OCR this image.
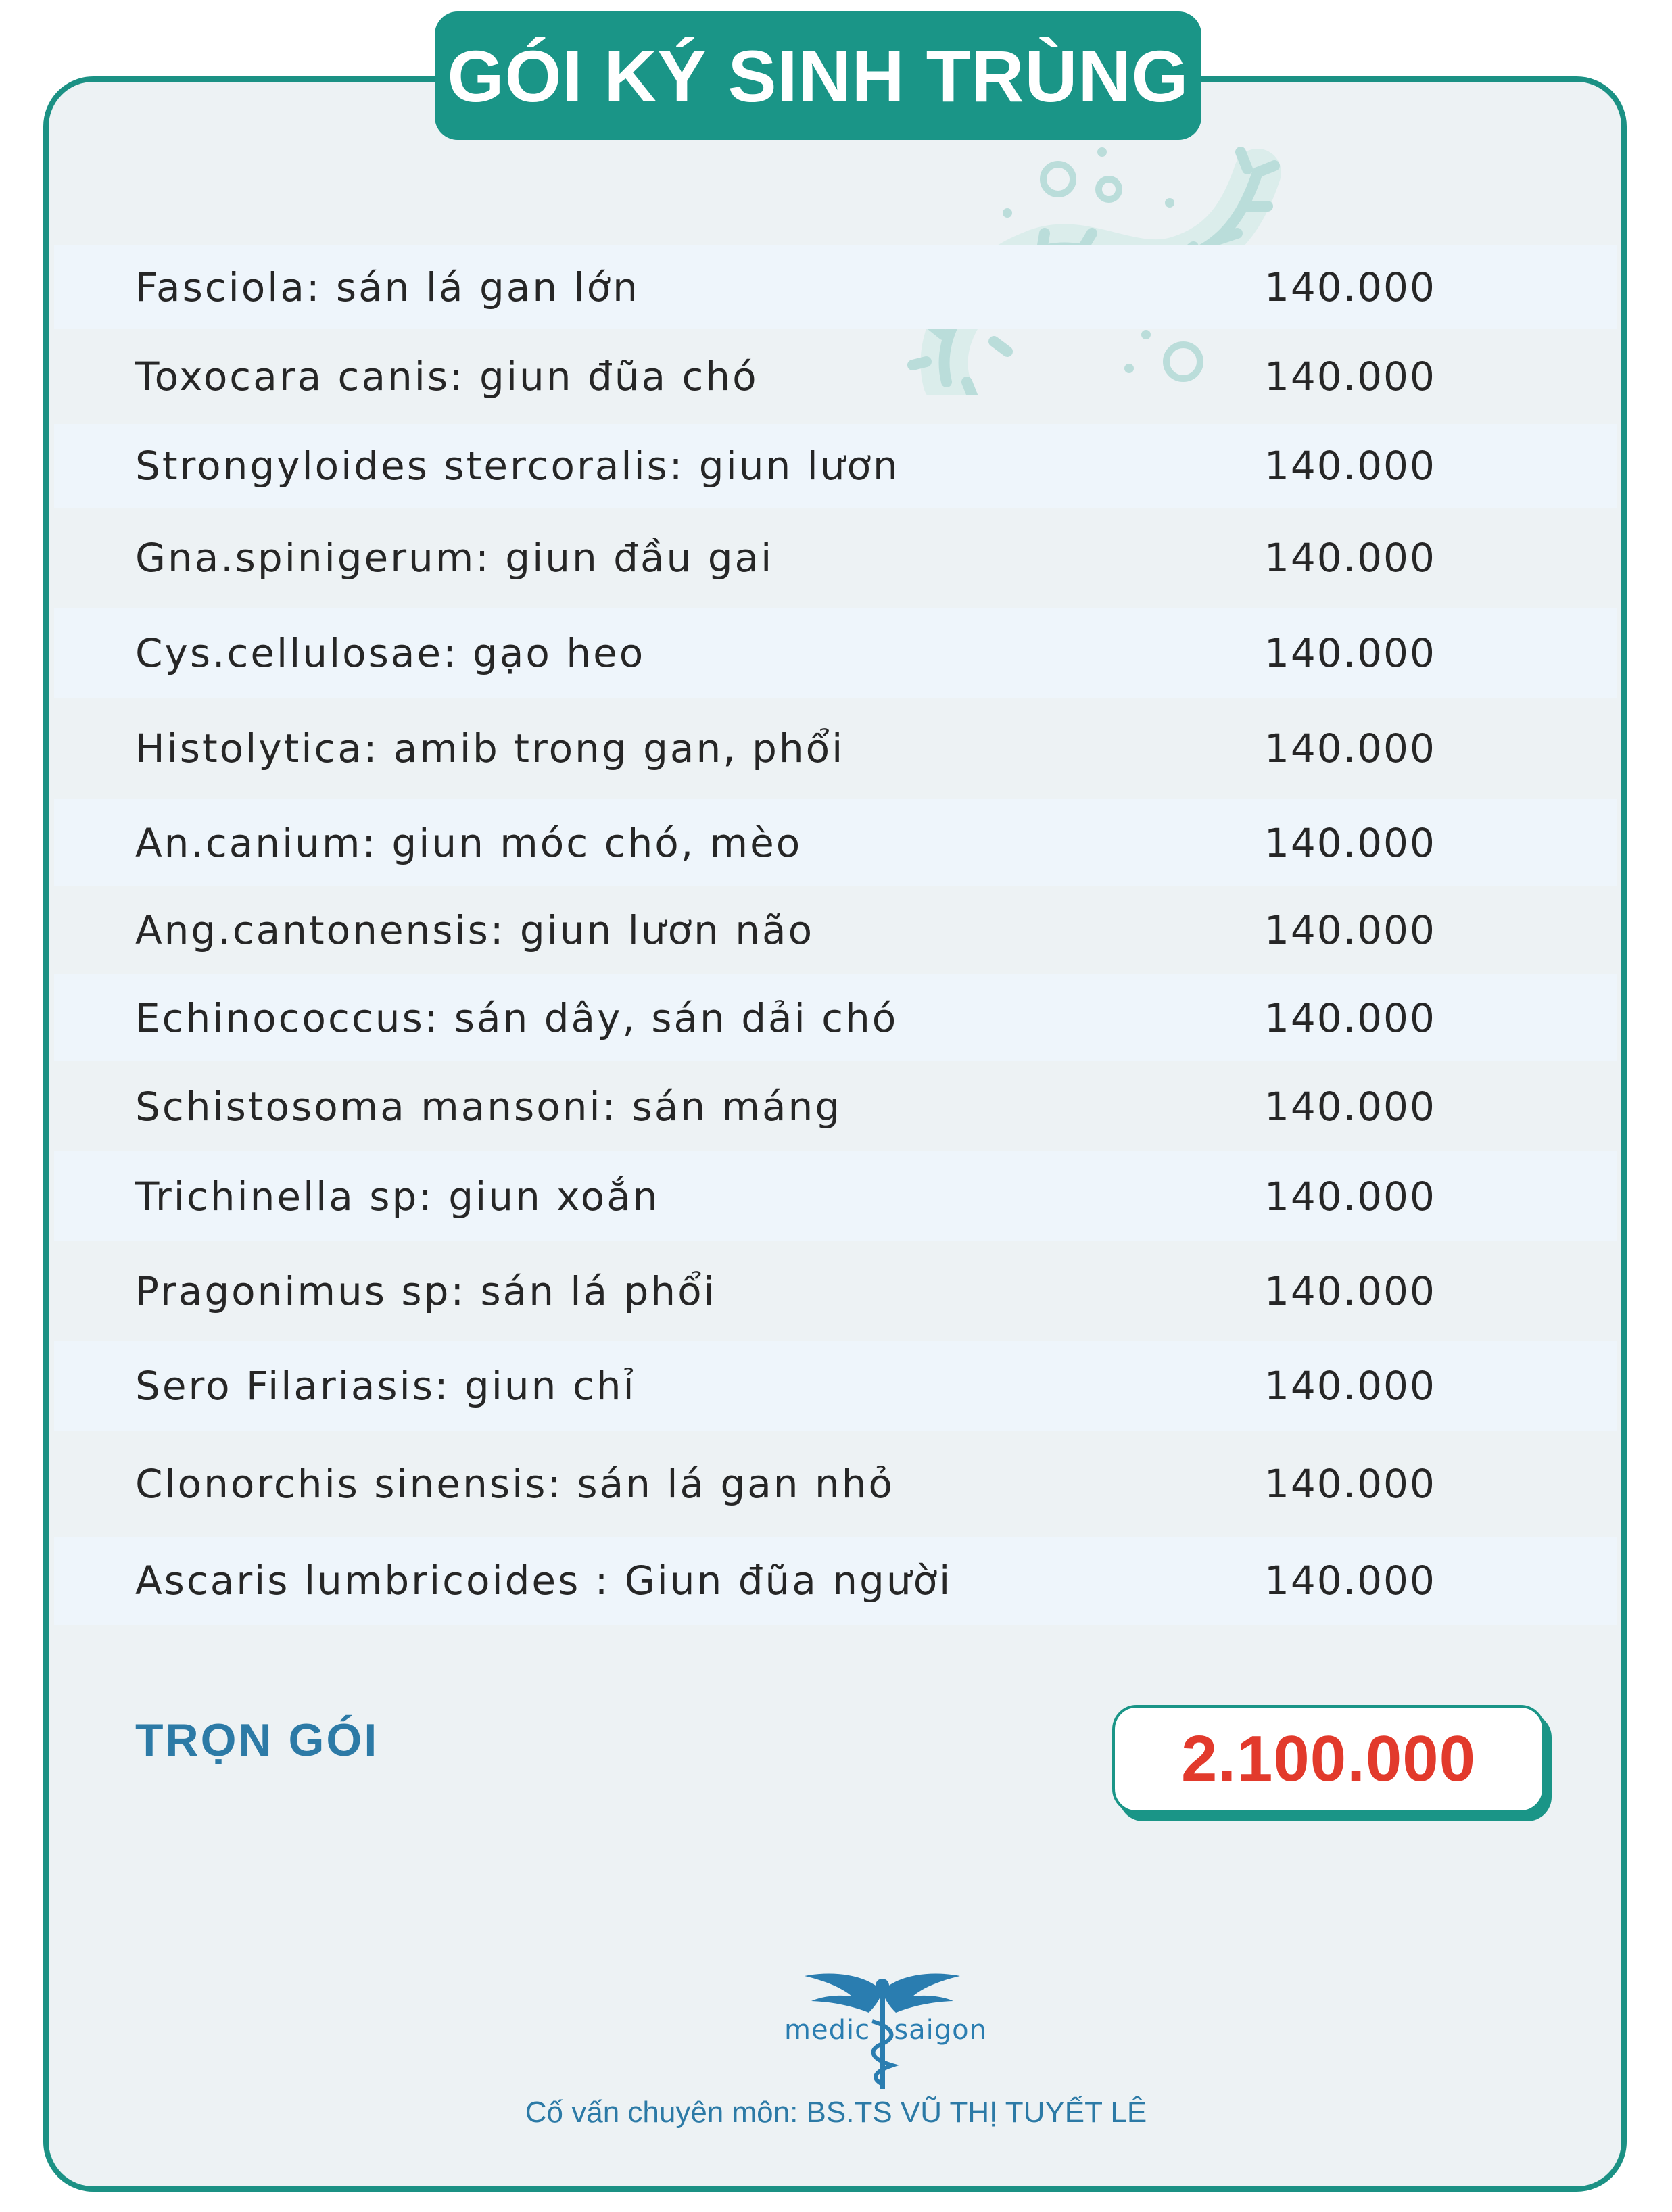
GÓI KÝ SINH TRÙNG
Fasciola: sán lá gan lớn	140.000
Toxocara canis: giun đũa chó	140.000
Strongyloides stercoralis: giun lươn	140.000
Gna.spinigerum: giun đầu gai	140.000
Cys.cellulosae: gạo heo	140.000
Histolytica: amib trong gan, phổi	140.000
An.canium: giun móc chó, mèo	140.000
Ang.cantonensis: giun lươn não	140.000
Echinococcus: sán dây, sán dải chó	140.000
Schistosoma mansoni: sán máng	140.000
Trichinella sp: giun xoắn	140.000
Pragonimus sp: sán lá phổi	140.000
Sero Filariasis: giun chỉ	140.000
Clonorchis sinensis: sán lá gan nhỏ	140.000
Ascaris lumbricoides : Giun đũa người	140.000
TRỌN GÓI	2.100.000
medic saigon
Cố vấn chuyên môn: BS.TS VŨ THỊ TUYẾT LÊ
